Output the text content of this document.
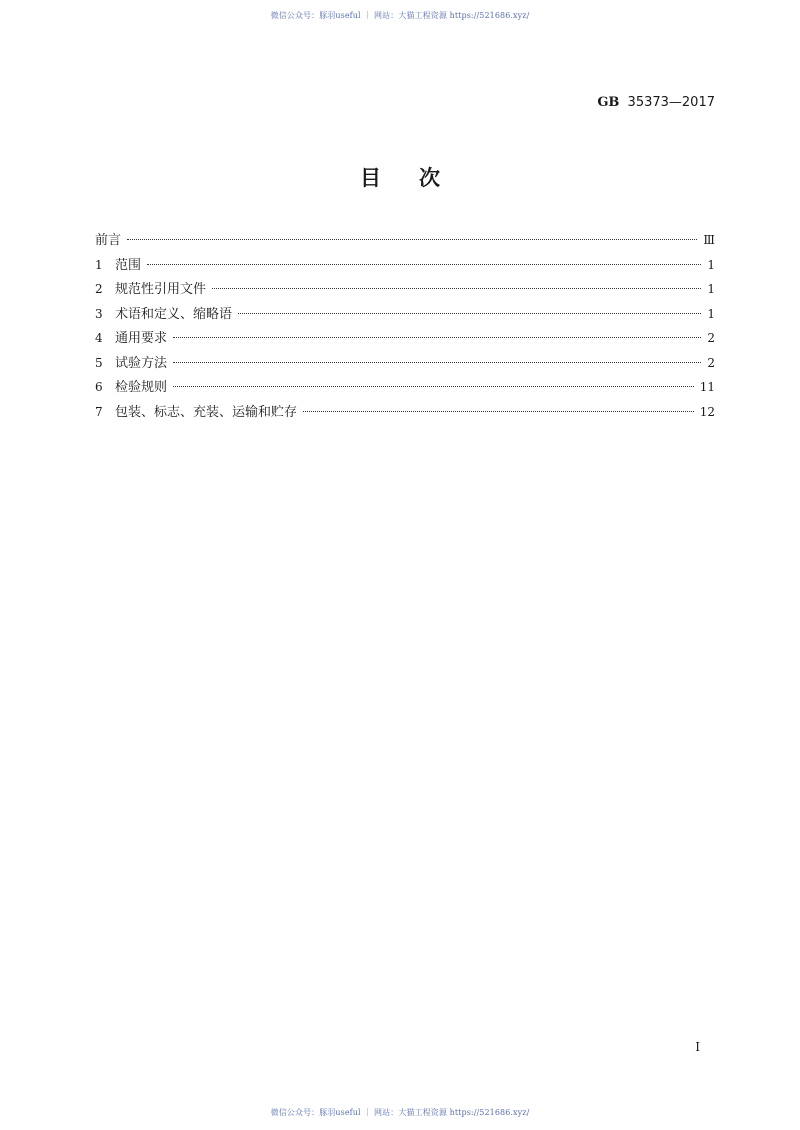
微信公众号：豚羽useful ｜ 网站：大猫工程资源 https://521686.xyz/
GB 35373—2017
目次
前言	Ⅲ
1 范围	1
2 规范性引用文件	1
3 术语和定义、缩略语	1
4 通用要求	2
5 试验方法	2
6 检验规则	11
7 包装、标志、充装、运输和贮存	12
I
微信公众号：豚羽useful ｜ 网站：大猫工程资源 https://521686.xyz/
